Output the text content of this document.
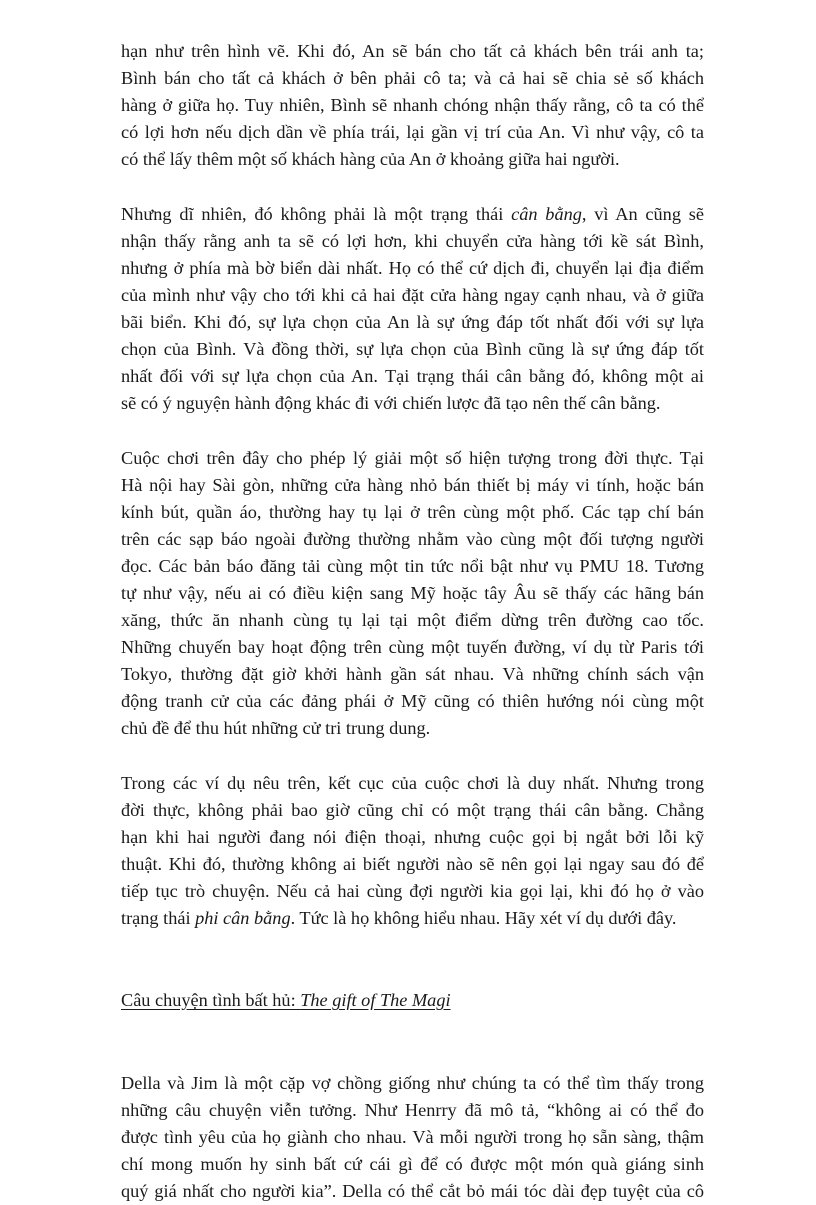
hạn như trên hình vẽ. Khi đó, An sẽ bán cho tất cả khách bên trái anh ta;
Bình bán cho tất cả khách ở bên phải cô ta; và cả hai sẽ chia sẻ số khách
hàng ở giữa họ. Tuy nhiên, Bình sẽ nhanh chóng nhận thấy rằng, cô ta có thể
có lợi hơn nếu dịch dần về phía trái, lại gần vị trí của An. Vì như vậy, cô ta
có thể lấy thêm một số khách hàng của An ở khoảng giữa hai người.

Nhưng dĩ nhiên, đó không phải là một trạng thái cân bằng, vì An cũng sẽ
nhận thấy rằng anh ta sẽ có lợi hơn, khi chuyển cửa hàng tới kề sát Bình,
nhưng ở phía mà bờ biển dài nhất. Họ có thể cứ dịch đi, chuyển lại địa điểm
của mình như vậy cho tới khi cả hai đặt cửa hàng ngay cạnh nhau, và ở giữa
bãi biển. Khi đó, sự lựa chọn của An là sự ứng đáp tốt nhất đối với sự lựa
chọn của Bình. Và đồng thời, sự lựa chọn của Bình cũng là sự ứng đáp tốt
nhất đối với sự lựa chọn của An. Tại trạng thái cân bằng đó, không một ai
sẽ có ý nguyện hành động khác đi với chiến lược đã tạo nên thế cân bằng.

Cuộc chơi trên đây cho phép lý giải một số hiện tượng trong đời thực. Tại
Hà nội hay Sài gòn, những cửa hàng nhỏ bán thiết bị máy vi tính, hoặc bán
kính bút, quần áo, thường hay tụ lại ở trên cùng một phố. Các tạp chí bán
trên các sạp báo ngoài đường thường nhằm vào cùng một đối tượng người
đọc. Các bản báo đăng tải cùng một tin tức nổi bật như vụ PMU 18. Tương
tự như vậy, nếu ai có điều kiện sang Mỹ hoặc tây Âu sẽ thấy các hãng bán
xăng, thức ăn nhanh cùng tụ lại tại một điểm dừng trên đường cao tốc.
Những chuyến bay hoạt động trên cùng một tuyến đường, ví dụ từ Paris tới
Tokyo, thường đặt giờ khởi hành gần sát nhau. Và những chính sách vận
động tranh cử của các đảng phái ở Mỹ cũng có thiên hướng nói cùng một
chủ đề để thu hút những cử tri trung dung.

Trong các ví dụ nêu trên, kết cục của cuộc chơi là duy nhất. Nhưng trong
đời thực, không phải bao giờ cũng chỉ có một trạng thái cân bằng. Chẳng
hạn khi hai người đang nói điện thoại, nhưng cuộc gọi bị ngắt bởi lỗi kỹ
thuật. Khi đó, thường không ai biết người nào sẽ nên gọi lại ngay sau đó để
tiếp tục trò chuyện. Nếu cả hai cùng đợi người kia gọi lại, khi đó họ ở vào
trạng thái phi cân bằng. Tức là họ không hiểu nhau. Hãy xét ví dụ dưới đây.

Câu chuyện tình bất hủ: The gift of The Magi

Della và Jim là một cặp vợ chồng giống như chúng ta có thể tìm thấy trong
những câu chuyện viễn tưởng. Như Henrry đã mô tả, “không ai có thể đo
được tình yêu của họ giành cho nhau. Và mỗi người trong họ sẵn sàng, thậm
chí mong muốn hy sinh bất cứ cái gì để có được một món quà giáng sinh
quý giá nhất cho người kia”. Della có thể cắt bỏ mái tóc dài đẹp tuyệt của cô
